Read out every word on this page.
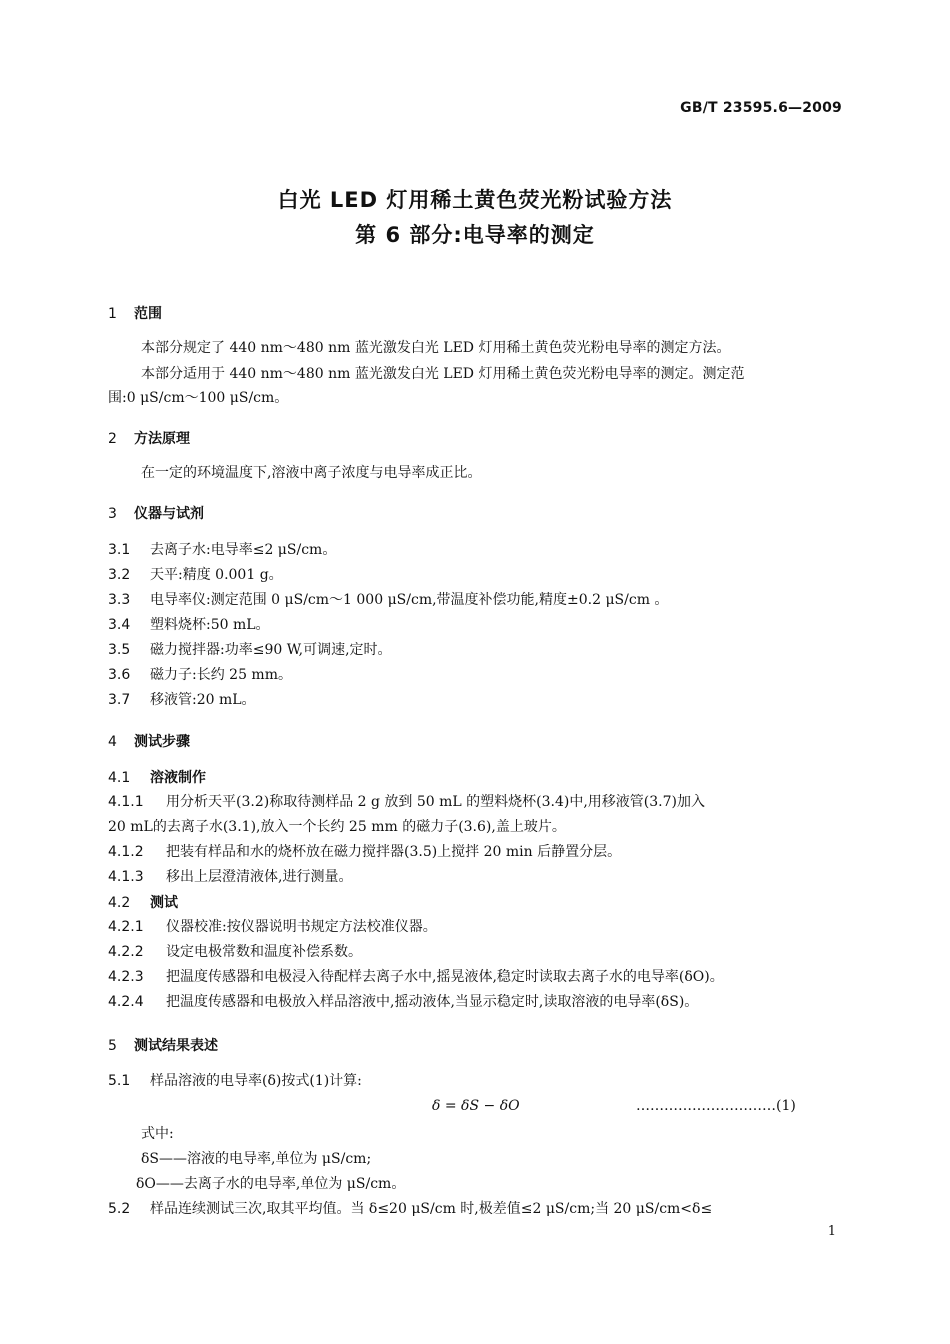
GB/T 23595.6—2009
白光 LED 灯用稀土黄色荧光粉试验方法
第 6 部分:电导率的测定
1 范围
本部分规定了 440 nm～480 nm 蓝光激发白光 LED 灯用稀土黄色荧光粉电导率的测定方法。
本部分适用于 440 nm～480 nm 蓝光激发白光 LED 灯用稀土黄色荧光粉电导率的测定。测定范
围:0 μS/cm～100 μS/cm。
2 方法原理
在一定的环境温度下,溶液中离子浓度与电导率成正比。
3 仪器与试剂
3.1 去离子水:电导率≤2 μS/cm。
3.2 天平:精度 0.001 g。
3.3 电导率仪:测定范围 0 μS/cm～1 000 μS/cm,带温度补偿功能,精度±0.2 μS/cm 。
3.4 塑料烧杯:50 mL。
3.5 磁力搅拌器:功率≤90 W,可调速,定时。
3.6 磁力子:长约 25 mm。
3.7 移液管:20 mL。
4 测试步骤
4.1 溶液制作
4.1.1 用分析天平(3.2)称取待测样品 2 g 放到 50 mL 的塑料烧杯(3.4)中,用移液管(3.7)加入
20 mL的去离子水(3.1),放入一个长约 25 mm 的磁力子(3.6),盖上玻片。
4.1.2 把装有样品和水的烧杯放在磁力搅拌器(3.5)上搅拌 20 min 后静置分层。
4.1.3 移出上层澄清液体,进行测量。
4.2 测试
4.2.1 仪器校准:按仪器说明书规定方法校准仪器。
4.2.2 设定电极常数和温度补偿系数。
4.2.3 把温度传感器和电极浸入待配样去离子水中,摇晃液体,稳定时读取去离子水的电导率(δO)。
4.2.4 把温度传感器和电极放入样品溶液中,摇动液体,当显示稳定时,读取溶液的电导率(δS)。
5 测试结果表述
5.1 样品溶液的电导率(δ)按式(1)计算:
δ = δS − δO	…………………………(1)
式中:
δS——溶液的电导率,单位为 μS/cm;
δO——去离子水的电导率,单位为 μS/cm。
5.2 样品连续测试三次,取其平均值。当 δ≤20 μS/cm 时,极差值≤2 μS/cm;当 20 μS/cm<δ≤
1
